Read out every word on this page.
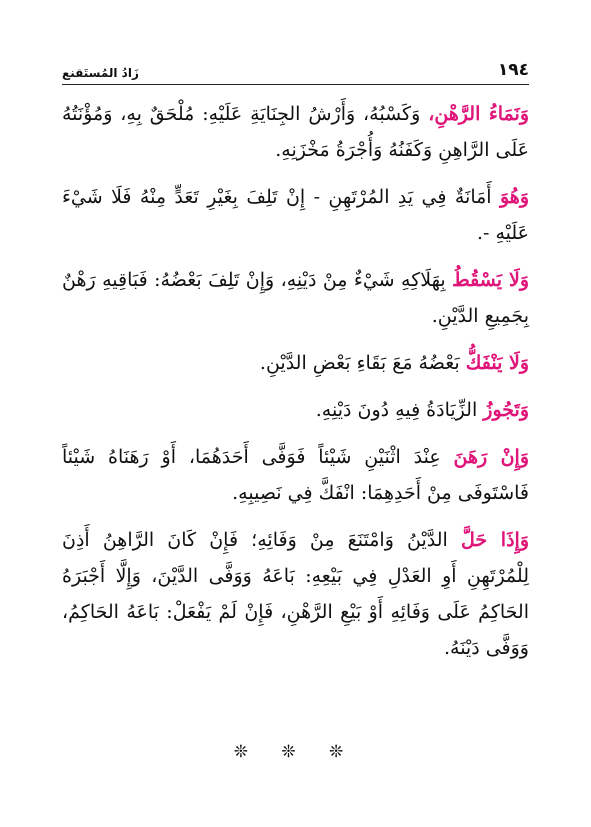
١٩٤
زَادُ المُستَقنع

وَنَمَاءُ الرَّهْنِ، وَكَسْبُهُ، وَأَرْشُ الجِنَايَةِ عَلَيْهِ: مُلْحَقٌ بِهِ، وَمُؤْنَتُهُ عَلَى الرَّاهِنِ وَكَفَنُهُ وَأُجْرَةُ مَخْزَنِهِ.

وَهُوَ أَمَانَةٌ فِي يَدِ المُرْتَهِنِ - إِنْ تَلِفَ بِغَيْرِ تَعَدٍّ مِنْهُ فَلَا شَيْءَ عَلَيْهِ -.

وَلَا يَسْقُطُ بِهَلَاكِهِ شَيْءٌ مِنْ دَيْنِهِ، وَإِنْ تَلِفَ بَعْضُهُ: فَبَاقِيهِ رَهْنٌ بِجَمِيعِ الدَّيْنِ.

وَلَا يَنْفَكُّ بَعْضُهُ مَعَ بَقَاءِ بَعْضِ الدَّيْنِ.

وَتَجُوزُ الزِّيَادَةُ فِيهِ دُونَ دَيْنِهِ.

وَإِنْ رَهَنَ عِنْدَ اثْنَيْنِ شَيْئاً فَوَفَّى أَحَدَهُمَا، أَوْ رَهَنَاهُ شَيْئاً فَاسْتَوفَى مِنْ أَحَدِهِمَا: انْفَكَّ فِي نَصِيبِهِ.

وَإِذَا حَلَّ الدَّيْنُ وَامْتَنَعَ مِنْ وَفَائِهِ؛ فَإِنْ كَانَ الرَّاهِنُ أَذِنَ لِلْمُرْتَهِنِ أَوِ العَدْلِ فِي بَيْعِهِ: بَاعَهُ وَوَفَّى الدَّيْنَ، وَإِلَّا أَجْبَرَهُ الحَاكِمُ عَلَى وَفَائِهِ أَوْ بَيْعِ الرَّهْنِ، فَإِنْ لَمْ يَفْعَلْ: بَاعَهُ الحَاكِمُ، وَوَفَّى دَيْنَهُ.

❊ ❊ ❊
